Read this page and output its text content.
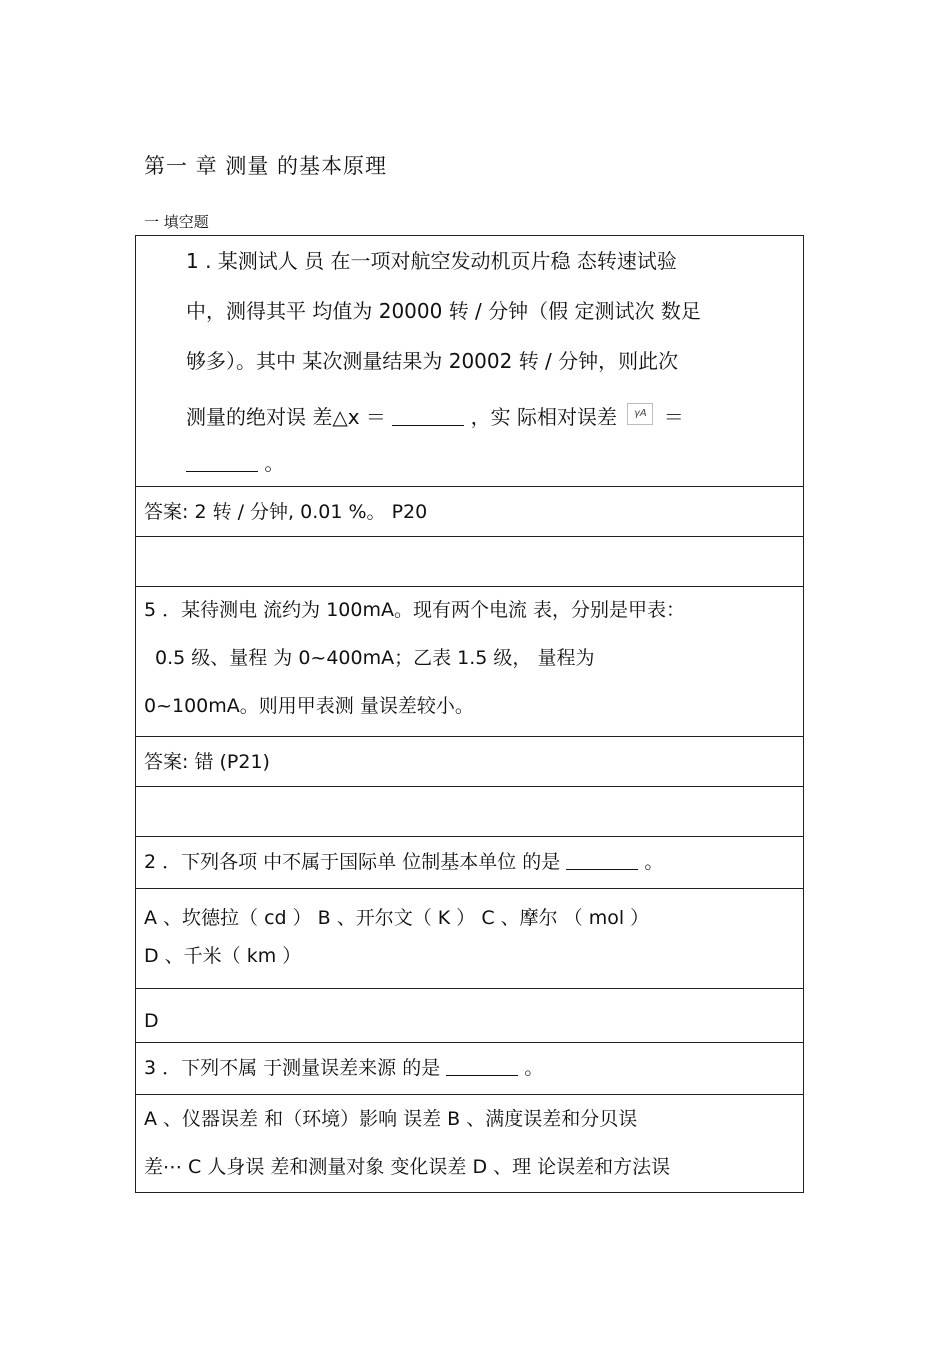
第一 章 测量 的基本原理
一 填空题
1 . 某测试人 员 在一项对航空发动机页片稳 态转速试验
中，测得其平 均值为 20000 转 / 分钟（假 定测试次 数足
够多）。其中 某次测量结果为 20002 转 / 分钟，则此次
测量的绝对误 差△x ＝	，实 际相对误差 γA ＝
。
答案: 2 转 / 分钟, 0.01 %。 P20
5 ．某待测电 流约为 100mA。现有两个电流 表，分别是甲表：
0.5 级、量程 为 0~400mA；乙表 1.5 级， 量程为
0~100mA。则用甲表测 量误差较小。
答案: 错 (P21)
2 ．下列各项 中不属于国际单 位制基本单位 的是	。
A 、坎德拉（ cd ） B 、开尔文（ K ） C 、摩尔 （ mol ）
D 、千米（ km ）
D
3 ．下列不属 于测量误差来源 的是	。
A 、仪器误差 和（环境）影响 误差 B 、满度误差和分贝误
差⋯ C 人身误 差和测量对象 变化误差 D 、理 论误差和方法误
